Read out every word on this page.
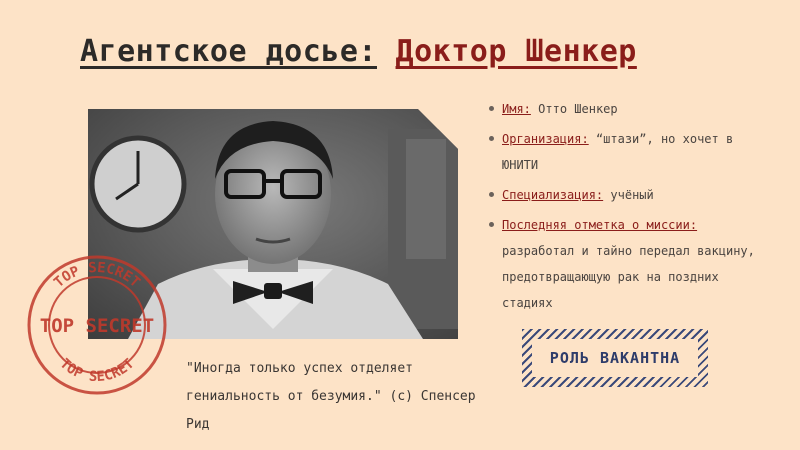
Агентское досье: Доктор Шенкер
TOP SECRET
TOP SECRET
TOP SECRET

"Иногда только успех отделяет гениальность от безумия." (c) Спенсер Рид

Имя: Отто Шенкер
Организация: “штази”, но хочет в ЮНИТИ
Специализация: учёный
Последняя отметка о миссии: разработал и тайно передал вакцину, предотвращающую рак на поздних стадиях
РОЛЬ ВАКАНТНА
